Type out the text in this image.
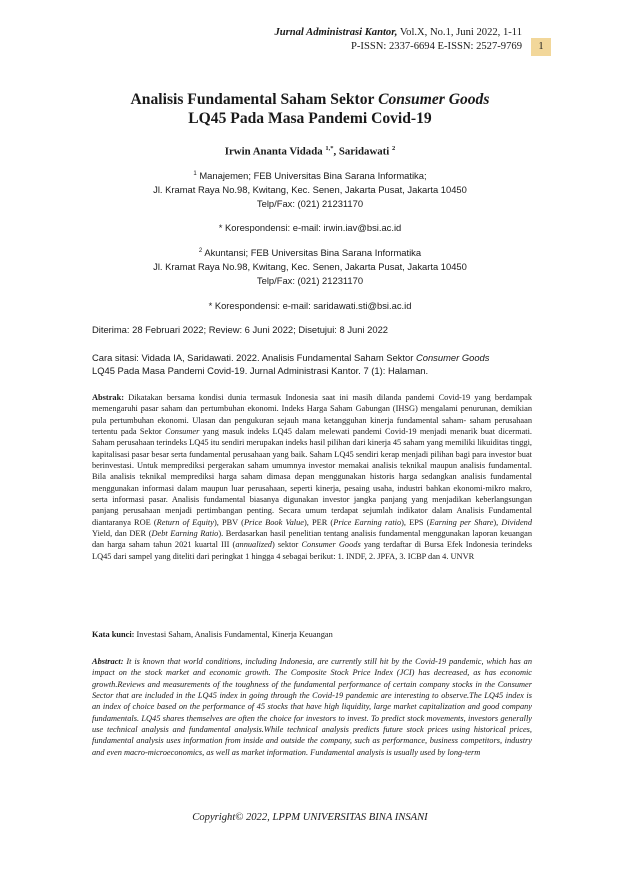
Jurnal Administrasi Kantor, Vol.X, No.1, Juni 2022, 1-11
P-ISSN: 2337-6694 E-ISSN: 2527-9769	1
Analisis Fundamental Saham Sektor Consumer Goods
LQ45 Pada Masa Pandemi Covid-19
Irwin Ananta Vidada $^{1,*}$, Saridawati $^2$
$^1$ Manajemen; FEB Universitas Bina Sarana Informatika;
Jl. Kramat Raya No.98, Kwitang, Kec. Senen, Jakarta Pusat, Jakarta 10450
Telp/Fax: (021) 21231170
* Korespondensi: e-mail: irwin.iav@bsi.ac.id
$^2$ Akuntansi; FEB Universitas Bina Sarana Informatika
Jl. Kramat Raya No.98, Kwitang, Kec. Senen, Jakarta Pusat, Jakarta 10450
Telp/Fax: (021) 21231170
* Korespondensi: e-mail: saridawati.sti@bsi.ac.id
Diterima: 28 Februari 2022; Review: 6 Juni 2022; Disetujui: 8 Juni 2022
Cara sitasi: Vidada IA, Saridawati. 2022. Analisis Fundamental Saham Sektor Consumer Goods
LQ45 Pada Masa Pandemi Covid-19. Jurnal Administrasi Kantor. 7 (1): Halaman.
Abstrak: Dikatakan bersama kondisi dunia termasuk Indonesia saat ini masih dilanda pandemi Covid-19 yang berdampak memengaruhi pasar saham dan pertumbuhan ekonomi. Indeks Harga Saham Gabungan (IHSG) mengalami penurunan, demikian pula pertumbuhan ekonomi. Ulasan dan pengukuran sejauh mana ketangguhan kinerja fundamental saham- saham perusahaan tertentu pada Sektor Consumer yang masuk indeks LQ45 dalam melewati pandemi Covid-19 menjadi menarik buat dicermati. Saham perusahaan terindeks LQ45 itu sendiri merupakan indeks hasil pilihan dari kinerja 45 saham yang memiliki likuiditas tinggi, kapitalisasi pasar besar serta fundamental perusahaan yang baik. Saham LQ45 sendiri kerap menjadi pilihan bagi para investor buat berinvestasi. Untuk memprediksi pergerakan saham umumnya investor memakai analisis teknikal maupun analisis fundamental. Bila analisis teknikal memprediksi harga saham dimasa depan menggunakan historis harga sedangkan analisis fundamental menggunakan informasi dalam maupun luar perusahaan, seperti kinerja, pesaing usaha, industri bahkan ekonomi-mikro makro, serta informasi pasar. Analisis fundamental biasanya digunakan investor jangka panjang yang menjadikan keberlangsungan panjang perusahaan menjadi pertimbangan penting. Secara umum terdapat sejumlah indikator dalam Analisis Fundamental diantaranya ROE (Return of Equity), PBV (Price Book Value), PER (Price Earning ratio), EPS (Earning per Share), Dividend Yield, dan DER (Debt Earning Ratio). Berdasarkan hasil penelitian tentang analisis fundamental menggunakan laporan keuangan dan harga saham tahun 2021 kuartal III (annualized) sektor Consumer Goods yang terdaftar di Bursa Efek Indonesia terindeks LQ45 dari sampel yang diteliti dari peringkat 1 hingga 4 sebagai berikut: 1. INDF, 2. JPFA, 3. ICBP dan 4. UNVR
Kata kunci: Investasi Saham, Analisis Fundamental, Kinerja Keuangan
Abstract: It is known that world conditions, including Indonesia, are currently still hit by the Covid-19 pandemic, which has an impact on the stock market and economic growth. The Composite Stock Price Index (JCI) has decreased, as has economic growth.Reviews and measurements of the toughness of the fundamental performance of certain company stocks in the Consumer Sector that are included in the LQ45 index in going through the Covid-19 pandemic are interesting to observe.The LQ45 index is an index of choice based on the performance of 45 stocks that have high liquidity, large market capitalization and good company fundamentals. LQ45 shares themselves are often the choice for investors to invest. To predict stock movements, investors generally use technical analysis and fundamental analysis.While technical analysis predicts future stock prices using historical prices, fundamental analysis uses information from inside and outside the company, such as performance, business competitors, industry and even macro-microeconomics, as well as market information. Fundamental analysis is usually used by long-term
Copyright© 2022, LPPM UNIVERSITAS BINA INSANI
